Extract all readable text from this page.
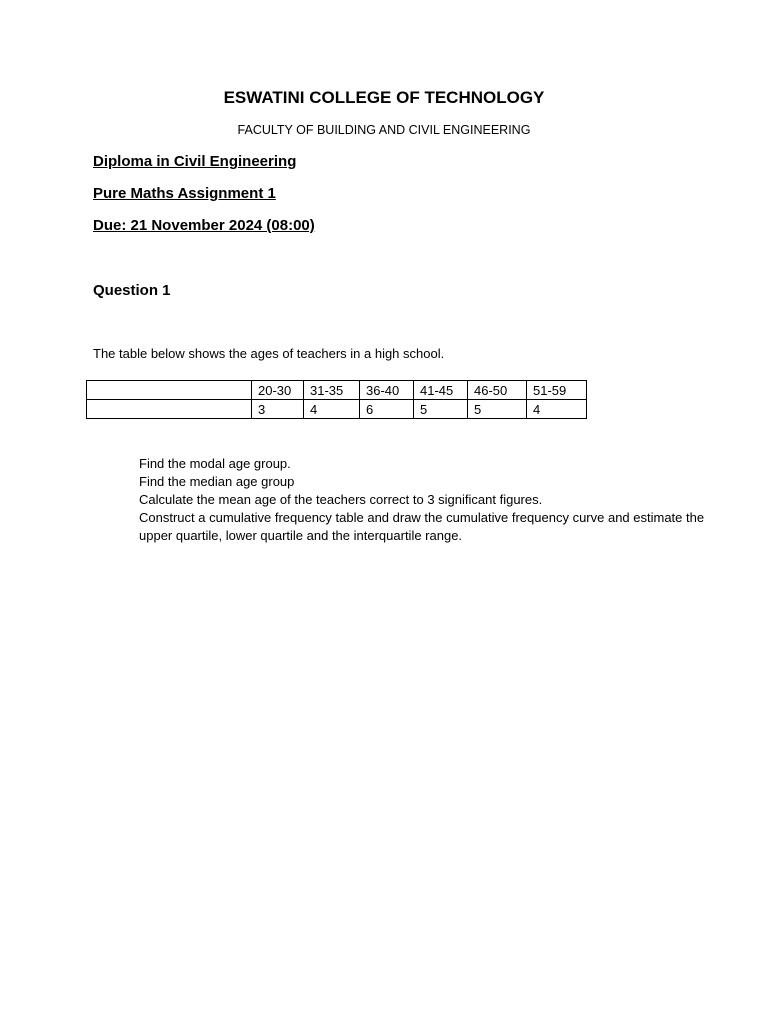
ESWATINI COLLEGE OF TECHNOLOGY
FACULTY OF BUILDING AND CIVIL ENGINEERING
Diploma in Civil Engineering
Pure Maths Assignment 1
Due: 21 November 2024 (08:00)
Question 1
The table below shows the ages of teachers in a high school.
	20-30	31-35	36-40	41-45	46-50	51-59
	3	4	6	5	5	4
Find the modal age group.
Find the median age group
Calculate the mean age of the teachers correct to 3 significant figures.
Construct a cumulative frequency table and draw the cumulative frequency curve and estimate the upper quartile, lower quartile and the interquartile range.
